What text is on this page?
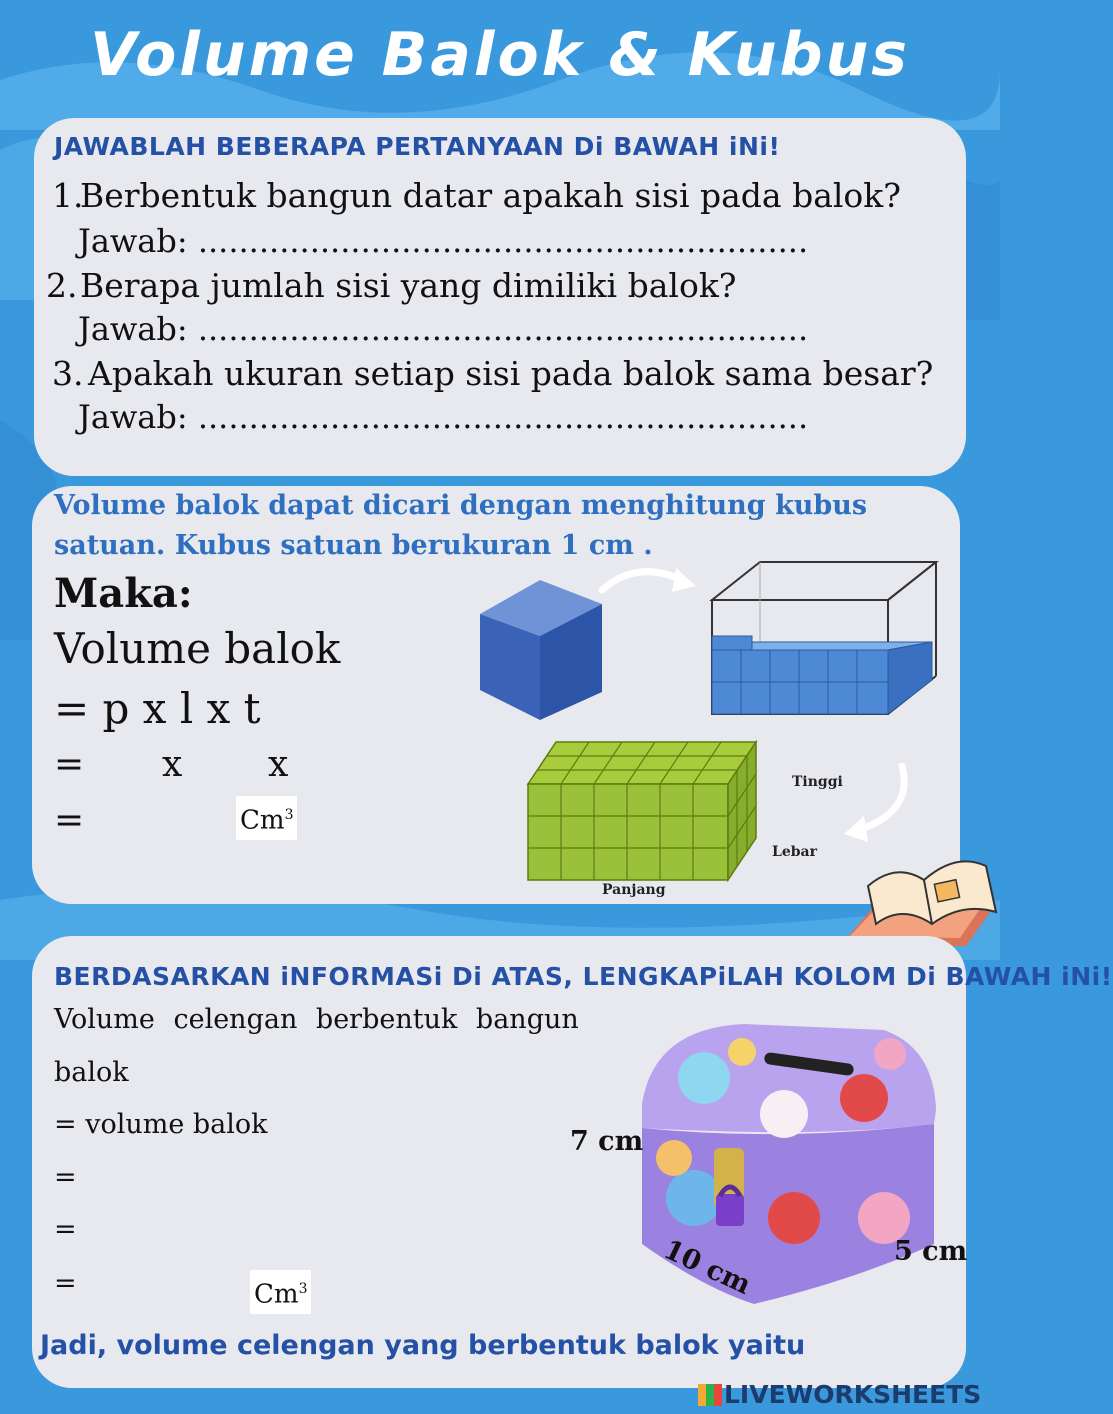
Volume Balok & Kubus
JAWABLAH BEBERAPA PERTANYAAN Di BAWAH iNi!
1.
Berbentuk bangun datar apakah sisi pada balok?
Jawab: ............................................................
2. Berapa jumlah sisi yang dimiliki balok?
Jawab: ............................................................
3. Apakah ukuran setiap sisi pada balok sama besar?
Jawab: ............................................................
Volume balok dapat dicari dengan menghitung kubus
satuan. Kubus satuan berukuran 1 cm .
Maka:
Volume balok
= p x l x t
= x x
=	$Cm^3$
Tinggi
Lebar
Panjang
BERDASARKAN iNFORMASi Di ATAS, LENGKAPiLAH KOLOM Di BAWAH iNi!
Volume celengan berbentuk bangun
balok
= volume balok
=
=
=	$Cm^3$
7 cm
10 cm	5 cm
Jadi, volume celengan yang berbentuk balok yaitu
LIVEWORKSHEETS
